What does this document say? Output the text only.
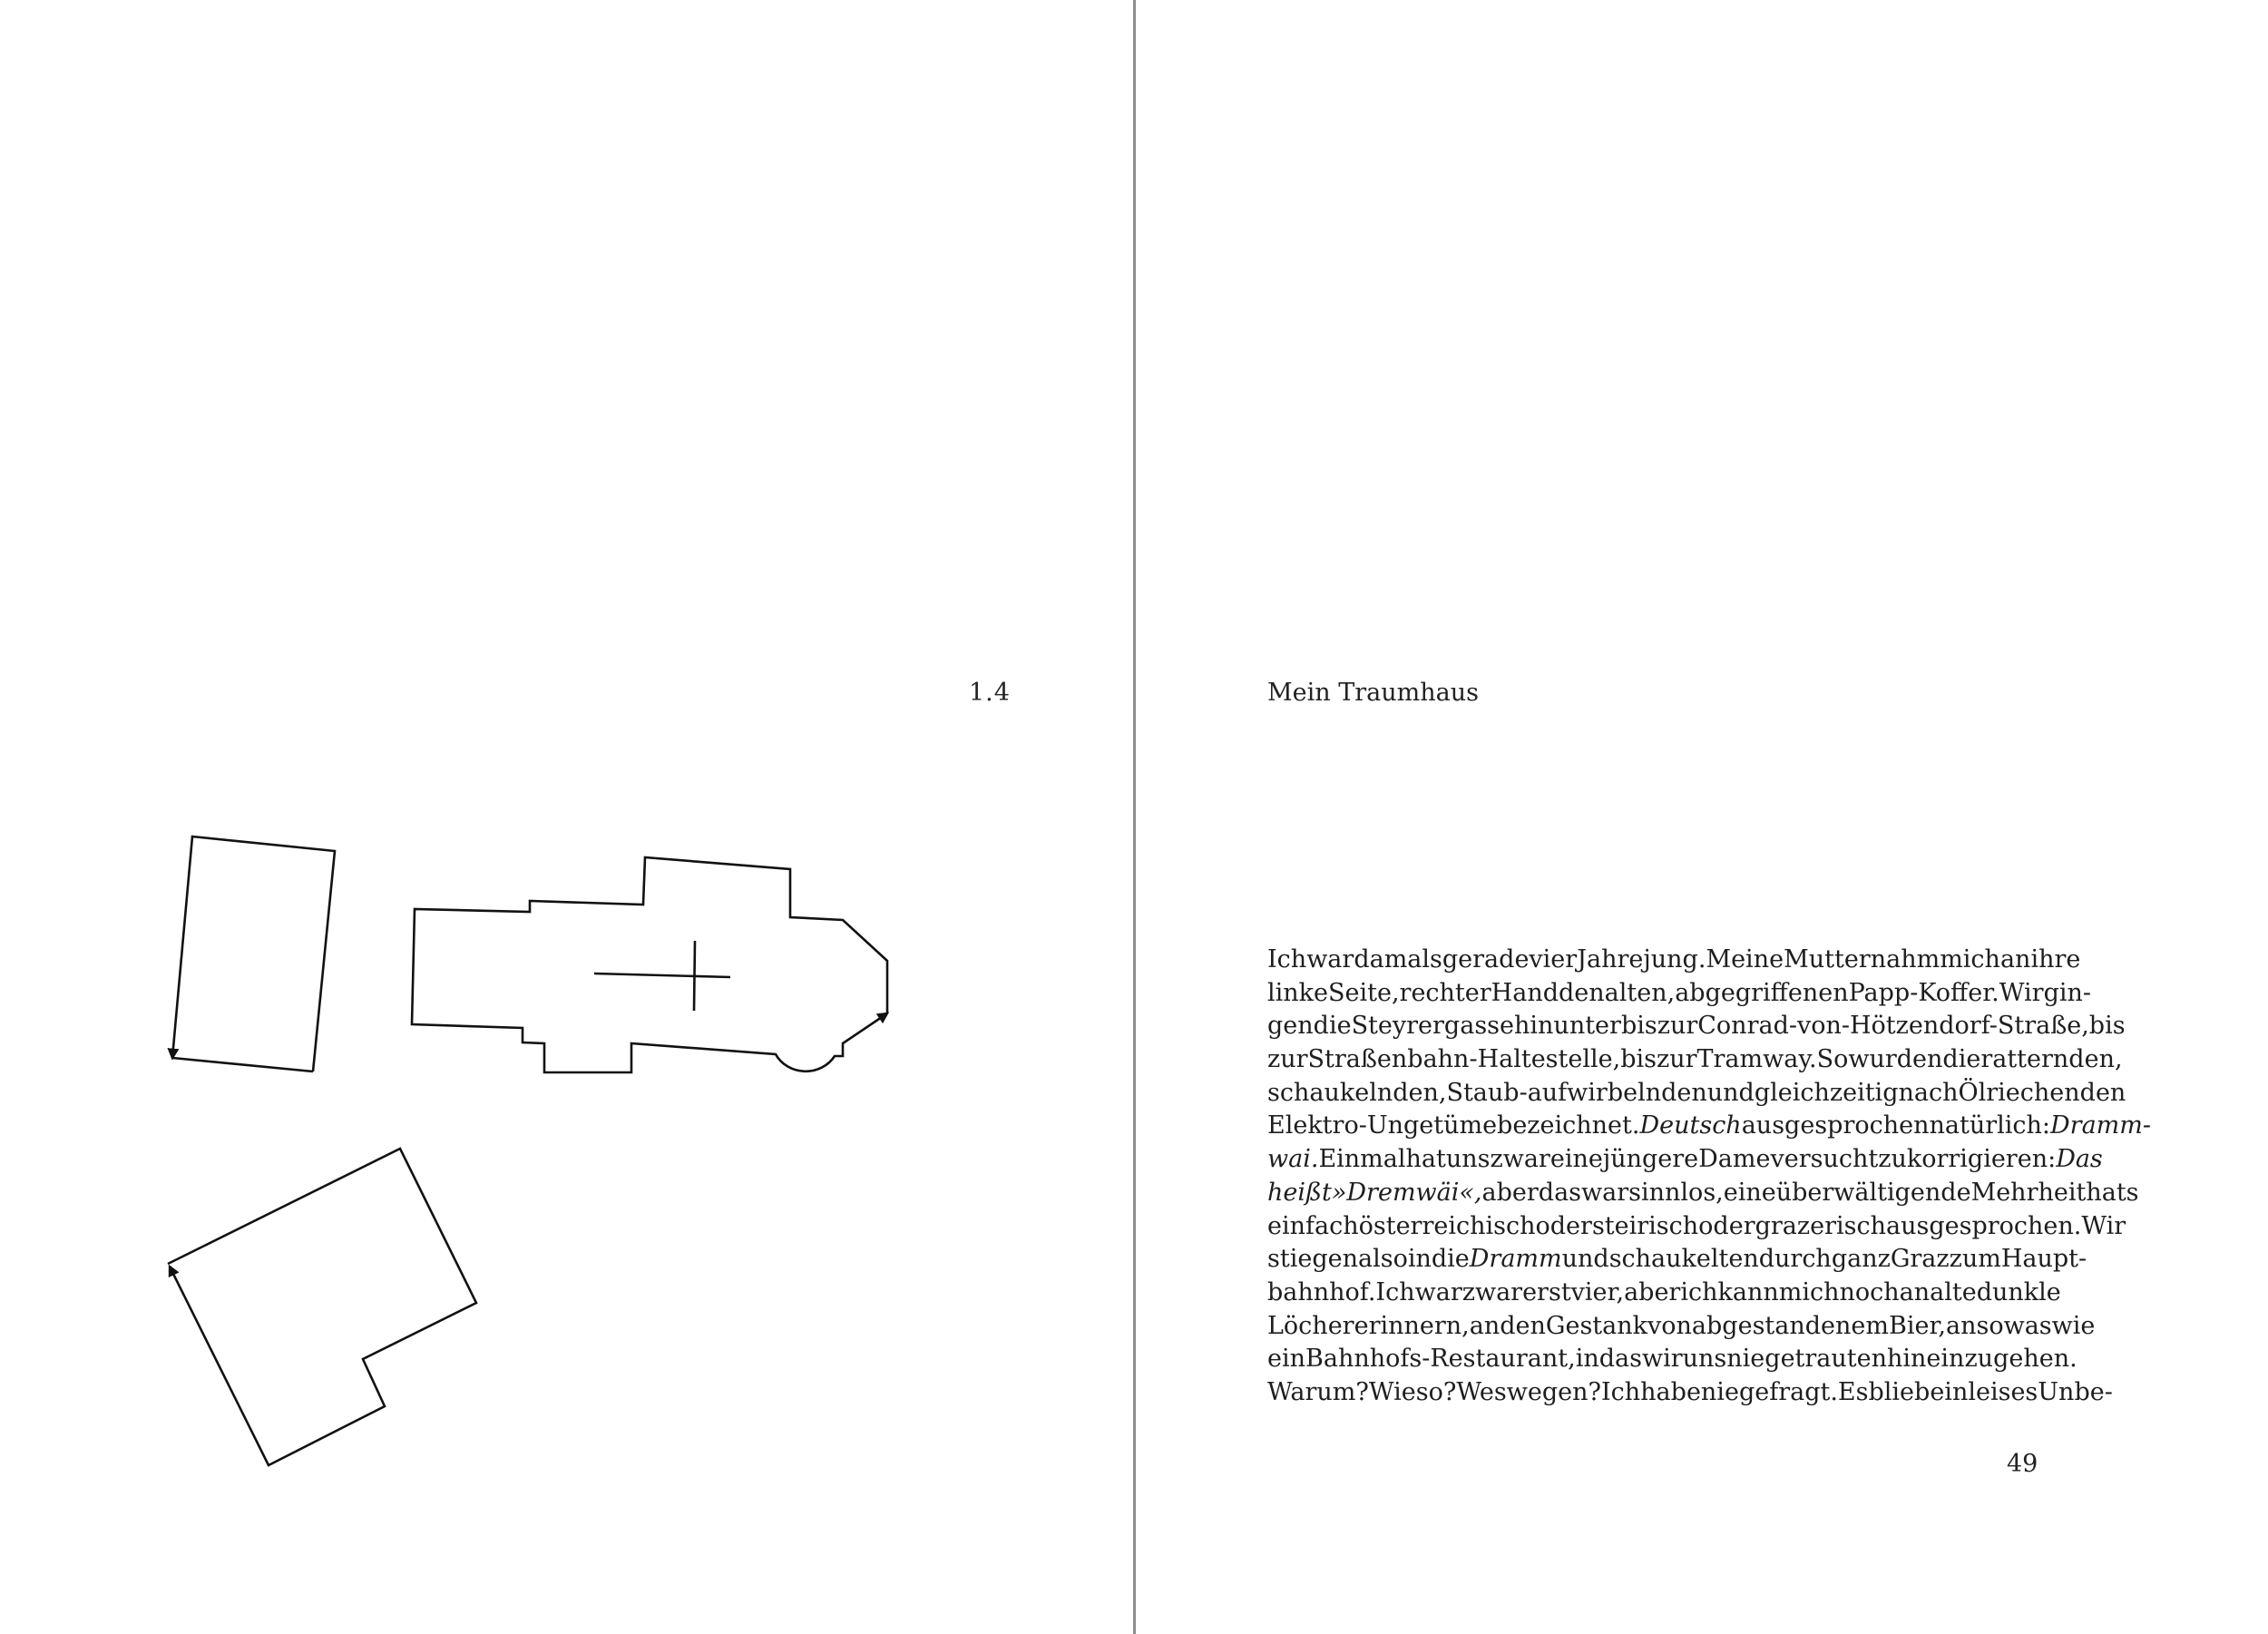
1.4	Mein Traumhaus
Ich war damals gerade vier Jahre jung. Meine Mutter nahm mich an ihre
linke Seite, rechter Hand den alten, abgegriffenen Papp-Koffer. Wir gin-
gen die Steyrergasse hinunter bis zur Conrad-von-Hötzendorf-Straße, bis
zur Straßenbahn-Haltestelle, bis zur Tramway. So wurden die ratternden,
schaukelnden, Staub-aufwirbelnden und gleichzeitig nach Öl riechenden
Elektro-Ungetüme bezeichnet. Deutsch ausgesprochen natürlich: Dramm-
wai. Einmal hat uns zwar eine jüngere Dame versucht zu korrigieren: Das
heißt »Dremwäi«, aber das war sinnlos, eine überwältigende Mehrheit hats
einfach österreichisch oder steirisch oder grazerisch ausgesprochen. Wir
stiegen also in die Dramm und schaukelten durch ganz Graz zum Haupt-
bahnhof. Ich war zwar erst vier, aber ich kann mich noch an alte dunkle
Löcher erinnern, an den Gestank von abgestandenem Bier, an sowas wie
ein Bahnhofs-Restaurant, in das wir uns nie getrauten hinein zu gehen.
Warum? Wieso? Weswegen? Ich habe nie gefragt. Es blieb ein leises Unbe-
49
